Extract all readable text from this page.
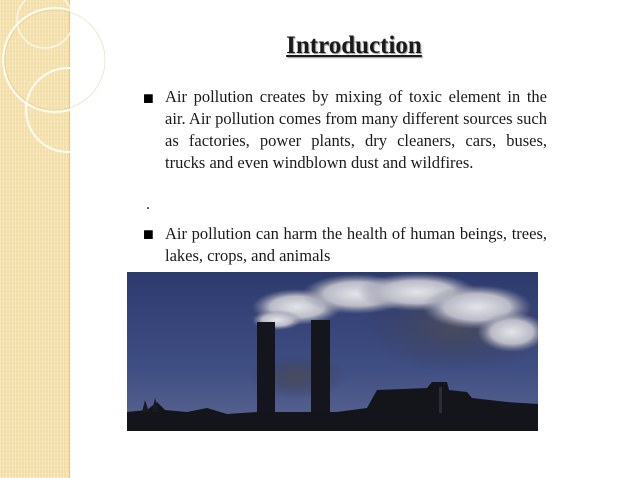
Introduction
■ Air pollution creates by mixing of toxic element in the air. Air pollution comes from many different sources such as factories, power plants, dry cleaners, cars, buses, trucks and even windblown dust and wildfires.

.
■ Air pollution can harm the health of human beings, trees, lakes, crops, and animals
